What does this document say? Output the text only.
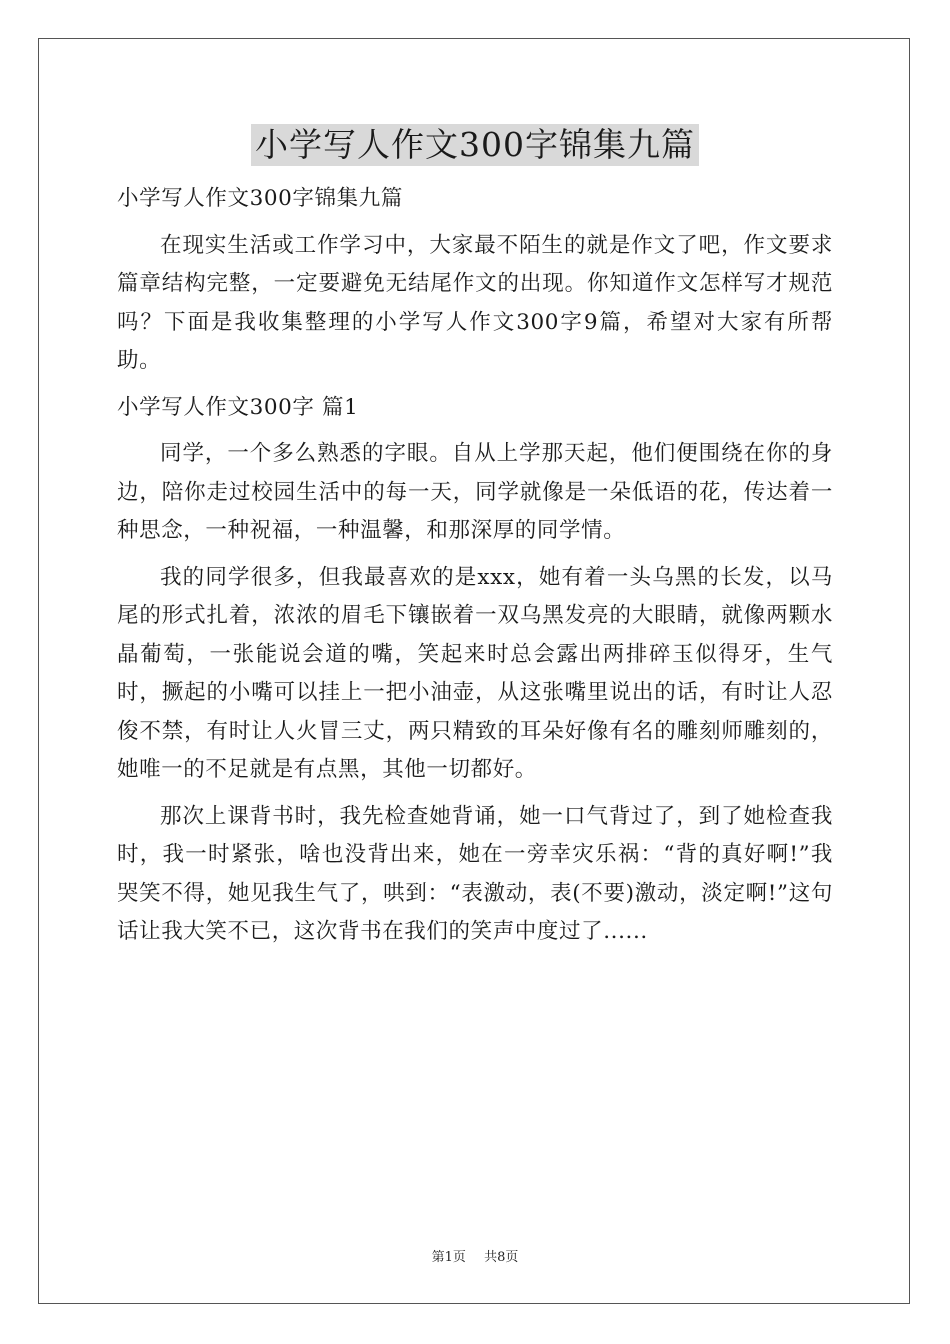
小学写人作文300字锦集九篇

小学写人作文300字锦集九篇

在现实生活或工作学习中，大家最不陌生的就是作文了吧，作文要求篇章结构完整，一定要避免无结尾作文的出现。你知道作文怎样写才规范吗？下面是我收集整理的小学写人作文300字9篇，希望对大家有所帮助。

小学写人作文300字 篇1

同学，一个多么熟悉的字眼。自从上学那天起，他们便围绕在你的身边，陪你走过校园生活中的每一天，同学就像是一朵低语的花，传达着一种思念，一种祝福，一种温馨，和那深厚的同学情。

我的同学很多，但我最喜欢的是xxx，她有着一头乌黑的长发，以马尾的形式扎着，浓浓的眉毛下镶嵌着一双乌黑发亮的大眼睛，就像两颗水晶葡萄，一张能说会道的嘴，笑起来时总会露出两排碎玉似得牙，生气时，撅起的小嘴可以挂上一把小油壶，从这张嘴里说出的话，有时让人忍俊不禁，有时让人火冒三丈，两只精致的耳朵好像有名的雕刻师雕刻的，她唯一的不足就是有点黑，其他一切都好。

那次上课背书时，我先检查她背诵，她一口气背过了，到了她检查我时，我一时紧张，啥也没背出来，她在一旁幸灾乐祸：“背的真好啊!”我哭笑不得，她见我生气了，哄到：“表激动，表(不要)激动，淡定啊!”这句话让我大笑不已，这次背书在我们的笑声中度过了......

第1页 共8页
